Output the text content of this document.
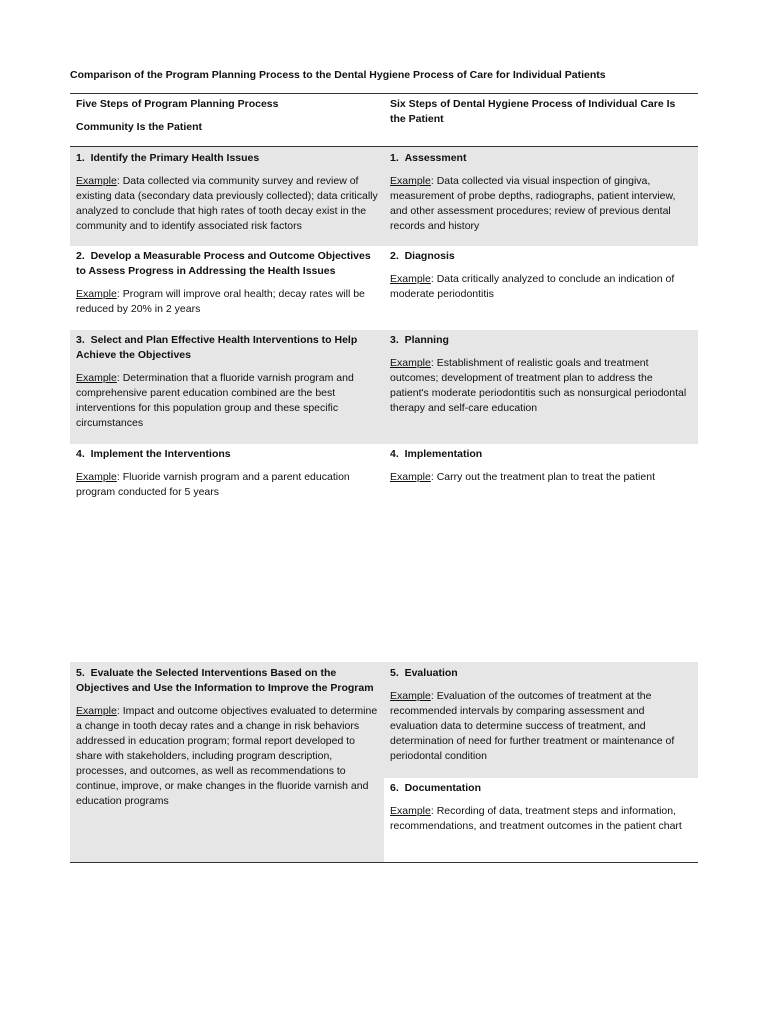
Comparison of the Program Planning Process to the Dental Hygiene Process of Care for Individual Patients

Five Steps of Program Planning Process

Community Is the Patient

Six Steps of Dental Hygiene Process of Individual Care Is the Patient

1.  Identify the Primary Health Issues

Example: Data collected via community survey and review of existing data (secondary data previously collected); data critically analyzed to conclude that high rates of tooth decay exist in the community and to identify associated risk factors

1.  Assessment

Example: Data collected via visual inspection of gingiva, measurement of probe depths, radiographs, patient interview, and other assessment procedures; review of previous dental records and history

2.  Develop a Measurable Process and Outcome Objectives to Assess Progress in Addressing the Health Issues

Example: Program will improve oral health; decay rates will be reduced by 20% in 2 years

2.  Diagnosis

Example: Data critically analyzed to conclude an indication of moderate periodontitis

3.  Select and Plan Effective Health Interventions to Help Achieve the Objectives

Example: Determination that a fluoride varnish program and comprehensive parent education combined are the best interventions for this population group and these specific circumstances

3.  Planning

Example: Establishment of realistic goals and treatment outcomes; development of treatment plan to address the patient's moderate periodontitis such as nonsurgical periodontal therapy and self-care education

4.  Implement the Interventions

Example: Fluoride varnish program and a parent education program conducted for 5 years

4.  Implementation

Example: Carry out the treatment plan to treat the patient

5.  Evaluate the Selected Interventions Based on the Objectives and Use the Information to Improve the Program

Example: Impact and outcome objectives evaluated to determine a change in tooth decay rates and a change in risk behaviors addressed in education program; formal report developed to share with stakeholders, including program description, processes, and outcomes, as well as recommendations to continue, improve, or make changes in the fluoride varnish and education programs

5.  Evaluation

Example: Evaluation of the outcomes of treatment at the recommended intervals by comparing assessment and evaluation data to determine success of treatment, and determination of need for further treatment or maintenance of periodontal condition

6.  Documentation

Example: Recording of data, treatment steps and information, recommendations, and treatment outcomes in the patient chart
